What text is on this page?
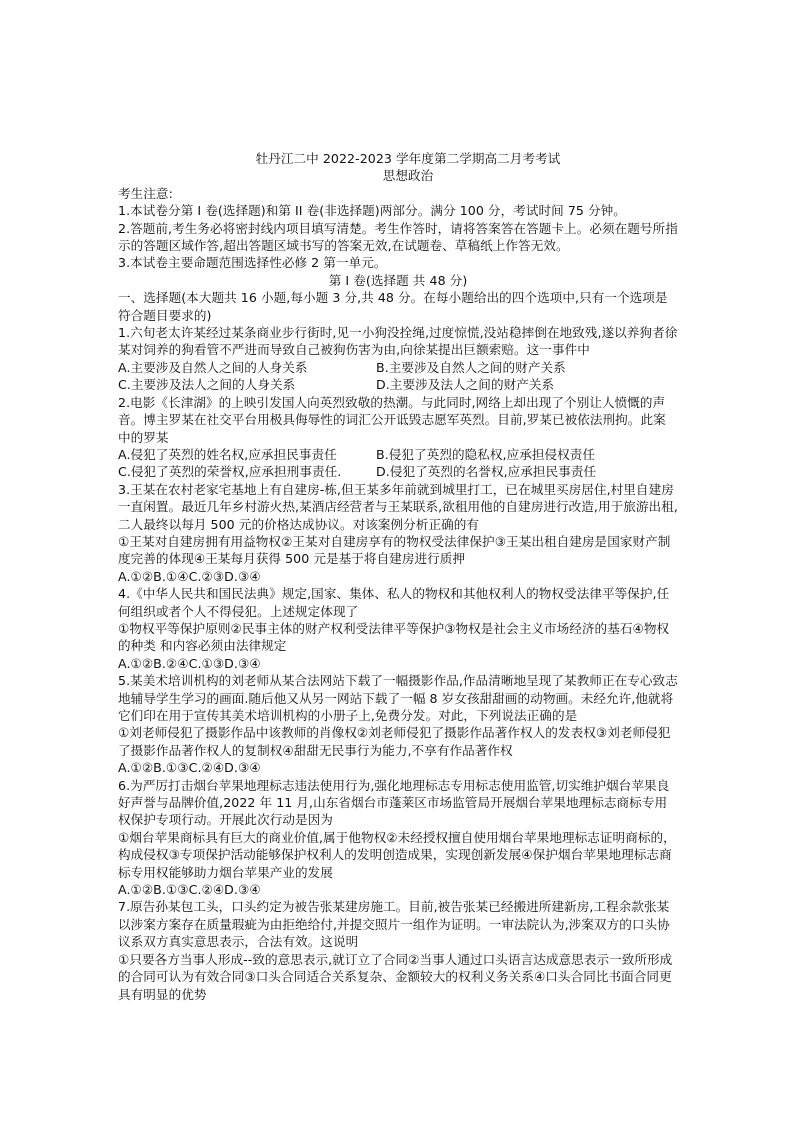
牡丹江二中 2022-2023 学年度第二学期高二月考考试
思想政治

考生注意:

1.本试卷分第 I 卷(选择题)和第 II 卷(非选择题)两部分。满分 100 分，考试时间 75 分钟。

2.答题前,考生务必将密封线内项目填写清楚。考生作答时，请将答案答在答题卡上。必须在题号所指示的答题区域作答,超出答题区域书写的答案无效,在试题卷、草稿纸上作答无效。

3.本试卷主要命题范围选择性必修 2 第一单元。

第 I 卷(选择题 共 48 分)

一、选择题(本大题共 16 小题,每小题 3 分,共 48 分。在每小题给出的四个选项中,只有一个选项是符合题目要求的)

1.六旬老太许某经过某条商业步行街时,见一小狗没拴绳,过度惊慌,没站稳摔倒在地致残,遂以养狗者徐某对饲养的狗看管不严进而导致自己被狗伤害为由,向徐某提出巨额索赔。这一事件中

A.主要涉及自然人之间的人身关系	B.主要涉及自然人之间的财产关系
C.主要涉及法人之间的人身关系	D.主要涉及法人之间的财产关系

2.电影《长津湖》的上映引发国人向英烈致敬的热潮。与此同时,网络上却出现了个别让人愤慨的声音。博主罗某在社交平台用极具侮辱性的词汇公开诋毁志愿军英烈。目前,罗某已被依法刑拘。此案中的罗某

A.侵犯了英烈的姓名权,应承担民事责任	B.侵犯了英烈的隐私权,应承担侵权责任
C.侵犯了英烈的荣誉权,应承担刑事责任.	D.侵犯了英烈的名誉权,应承担民事责任

3.王某在农村老家宅基地上有自建房-栋,但王某多年前就到城里打工，已在城里买房居住,村里自建房一直闲置。最近几年乡村游火热,某酒店经营者与王某联系,欲租用他的自建房进行改造,用于旅游出租,二人最终以每月 500 元的价格达成协议。对该案例分析正确的有

①王某对自建房拥有用益物权②王某对自建房享有的物权受法律保护③王某出租自建房是国家财产制度完善的体现④王某每月获得 500 元是基于将自建房进行质押

A.①②B.①④C.②③D.③④

4.《中华人民共和国民法典》规定,国家、集体、私人的物权和其他权利人的物权受法律平等保护,任何组织或者个人不得侵犯。上述规定体现了

①物权平等保护原则②民事主体的财产权利受法律平等保护③物权是社会主义市场经济的基石④物权的种类 和内容必须由法律规定

A.①②B.②④C.①③D.③④

5.某美术培训机构的刘老师从某合法网站下载了一幅摄影作品,作品清晰地呈现了某教师正在专心致志地辅导学生学习的画面.随后他又从另一网站下载了一幅 8 岁女孩甜甜画的动物画。未经允许,他就将它们印在用于宣传其美术培训机构的小册子上,免费分发。对此，下列说法正确的是

①刘老师侵犯了摄影作品中该教师的肖像权②刘老师侵犯了摄影作品著作权人的发表权③刘老师侵犯了摄影作品著作权人的复制权④甜甜无民事行为能力,不享有作品著作权

A.①②B.①③C.②④D.③④

6.为严厉打击烟台苹果地理标志违法使用行为,强化地理标志专用标志使用监管,切实维护烟台苹果良好声誉与品牌价值,2022 年 11 月,山东省烟台市蓬莱区市场监管局开展烟台苹果地理标志商标专用权保护专项行动。开展此次行动是因为

①烟台苹果商标具有巨大的商业价值,属于他物权②未经授权擅自使用烟台苹果地理标志证明商标的，构成侵权③专项保护活动能够保护权利人的发明创造成果，实现创新发展④保护烟台苹果地理标志商标专用权能够助力烟台苹果产业的发展

A.①②B.①③C.②④D.③④

7.原告孙某包工头，口头约定为被告张某建房施工。目前,被告张某已经搬进所建新房,工程余款张某以涉案方案存在质量瑕疵为由拒绝给付,并提交照片一组作为证明。一审法院认为,涉案双方的口头协议系双方真实意思表示，合法有效。这说明

①只要各方当事人形成--致的意思表示,就订立了合同②当事人通过口头语言达成意思表示一致所形成的合同可认为有效合同③口头合同适合关系复杂、金额较大的权利义务关系④口头合同比书面合同更具有明显的优势
